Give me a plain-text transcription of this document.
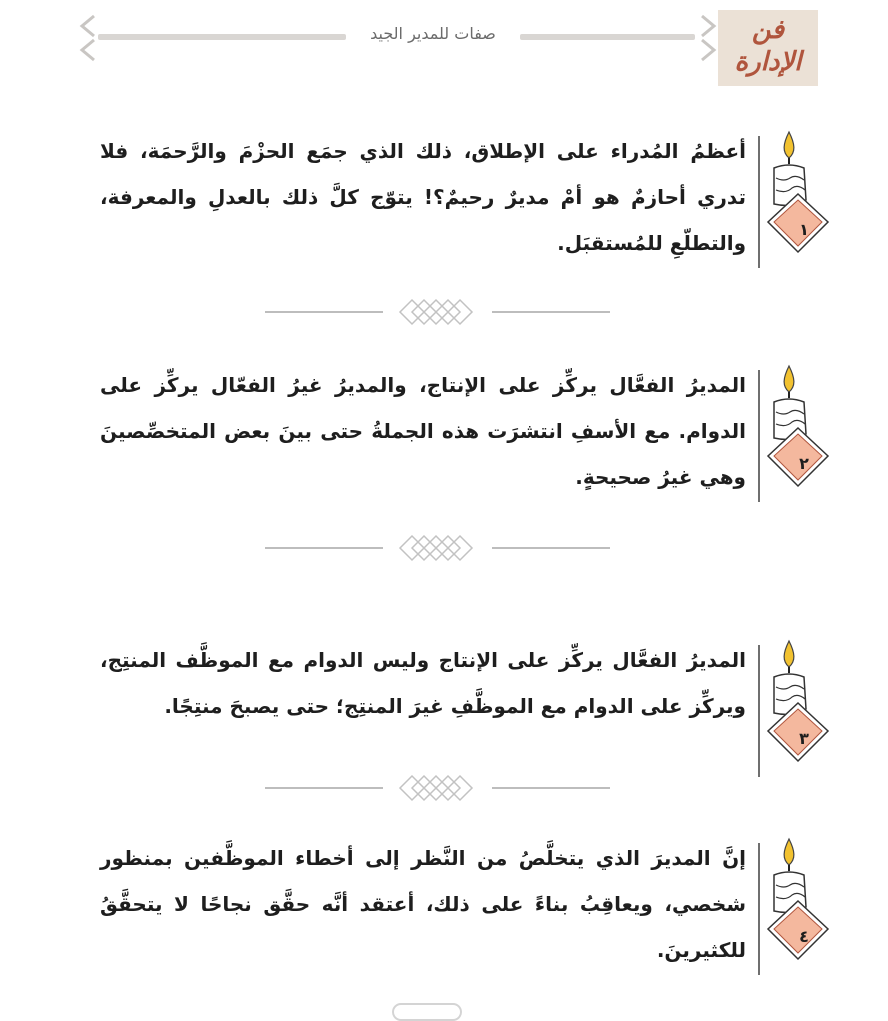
صفات للمدير الجيد	فن الإدارة
أعظمُ المُدراء على الإطلاق، ذلك الذي جمَع الحزْمَ والرَّحمَة، فلا تدري أحازمٌ هو أمْ مديرٌ رحيمٌ؟! يتوّج كلَّ ذلك بالعدلِ والمعرفة، والتطلّعِ للمُستقبَل.
١
المديرُ الفعَّال يركِّز على الإنتاج، والمديرُ غيرُ الفعّال يركِّز على الدوام. مع الأسفِ انتشرَت هذه الجملةُ حتى بينَ بعض المتخصِّصينَ وهي غيرُ صحيحةٍ.
٢
المديرُ الفعَّال يركِّز على الإنتاج وليس الدوام مع الموظَّف المنتِج، ويركِّز على الدوام مع الموظَّفِ غيرَ المنتِج؛ حتى يصبحَ منتِجًا.
٣
إنَّ المديرَ الذي يتخلَّصُ من النَّظر إلى أخطاء الموظَّفين بمنظور شخصي، ويعاقِبُ بناءً على ذلك، أعتقد أنَّه حقَّق نجاحًا لا يتحقَّقُ للكثيرينَ.
٤
